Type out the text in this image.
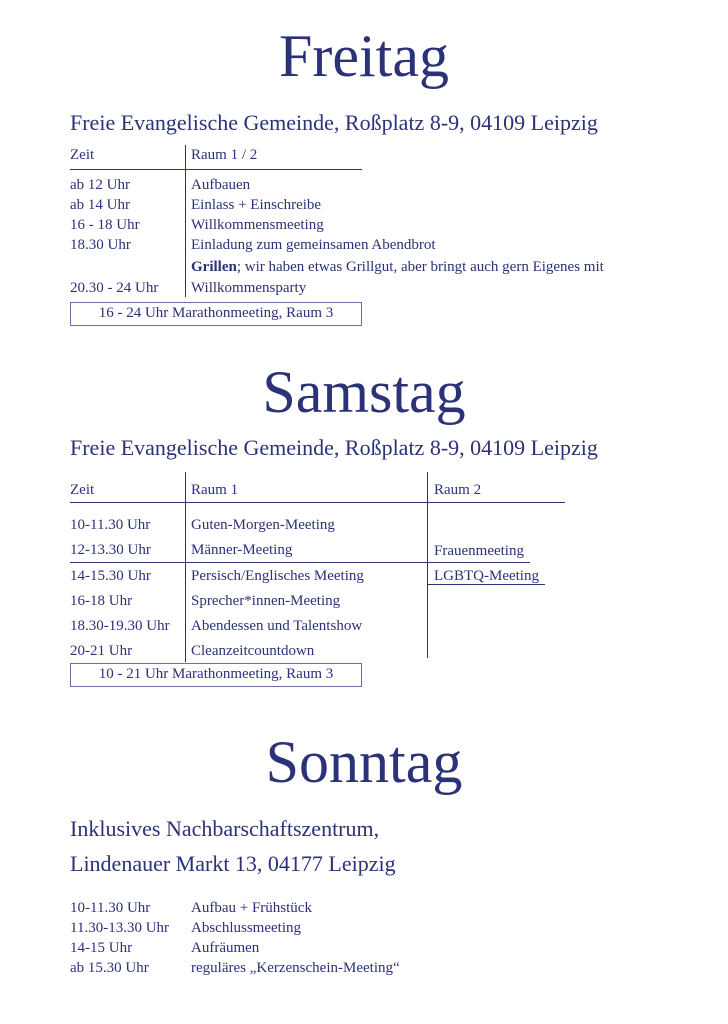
Freitag
Freie Evangelische Gemeinde, Roßplatz 8-9, 04109 Leipzig
Zeit	Raum 1 / 2
ab 12 Uhr	Aufbauen
ab 14 Uhr	Einlass + Einschreibe
16 - 18 Uhr	Willkommensmeeting
18.30 Uhr	Einladung zum gemeinsamen Abendbrot
Grillen; wir haben etwas Grillgut, aber bringt auch gern Eigenes mit
20.30 - 24 Uhr Willkommensparty
16 - 24 Uhr Marathonmeeting, Raum 3
Samstag
Freie Evangelische Gemeinde, Roßplatz 8-9, 04109 Leipzig
Zeit	Raum 1	Raum 2
10-11.30 Uhr	Guten-Morgen-Meeting
12-13.30 Uhr	Männer-Meeting	Frauenmeeting
14-15.30 Uhr	Persisch/Englisches Meeting	LGBTQ-Meeting
16-18 Uhr	Sprecher*innen-Meeting
18.30-19.30 Uhr Abendessen und Talentshow
20-21 Uhr	Cleanzeitcountdown
10 - 21 Uhr Marathonmeeting, Raum 3
Sonntag
Inklusives Nachbarschaftszentrum,
Lindenauer Markt 13, 04177 Leipzig
10-11.30 Uhr	Aufbau + Frühstück
11.30-13.30 Uhr Abschlussmeeting
14-15 Uhr	Aufräumen
ab 15.30 Uhr	reguläres „Kerzenschein-Meeting“
